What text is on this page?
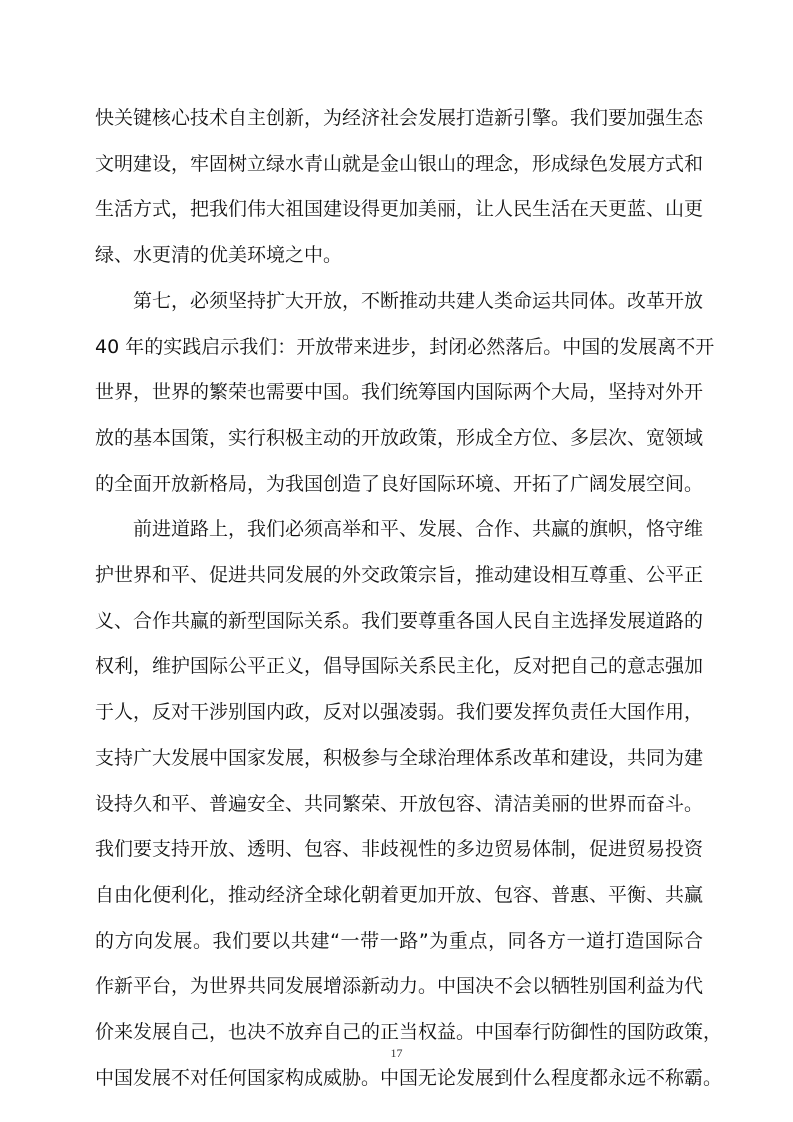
快关键核心技术自主创新，为经济社会发展打造新引擎。我们要加强生态
文明建设，牢固树立绿水青山就是金山银山的理念，形成绿色发展方式和
生活方式，把我们伟大祖国建设得更加美丽，让人民生活在天更蓝、山更
绿、水更清的优美环境之中。
　　第七，必须坚持扩大开放，不断推动共建人类命运共同体。改革开放
40 年的实践启示我们：开放带来进步，封闭必然落后。中国的发展离不开
世界，世界的繁荣也需要中国。我们统筹国内国际两个大局，坚持对外开
放的基本国策，实行积极主动的开放政策，形成全方位、多层次、宽领域
的全面开放新格局，为我国创造了良好国际环境、开拓了广阔发展空间。
　　前进道路上，我们必须高举和平、发展、合作、共赢的旗帜，恪守维
护世界和平、促进共同发展的外交政策宗旨，推动建设相互尊重、公平正
义、合作共赢的新型国际关系。我们要尊重各国人民自主选择发展道路的
权利，维护国际公平正义，倡导国际关系民主化，反对把自己的意志强加
于人，反对干涉别国内政，反对以强凌弱。我们要发挥负责任大国作用，
支持广大发展中国家发展，积极参与全球治理体系改革和建设，共同为建
设持久和平、普遍安全、共同繁荣、开放包容、清洁美丽的世界而奋斗。
我们要支持开放、透明、包容、非歧视性的多边贸易体制，促进贸易投资
自由化便利化，推动经济全球化朝着更加开放、包容、普惠、平衡、共赢
的方向发展。我们要以共建“一带一路”为重点，同各方一道打造国际合
作新平台，为世界共同发展增添新动力。中国决不会以牺牲别国利益为代
17
价来发展自己，也决不放弃自己的正当权益。中国奉行防御性的国防政策，
中国发展不对任何国家构成威胁。中国无论发展到什么程度都永远不称霸。
